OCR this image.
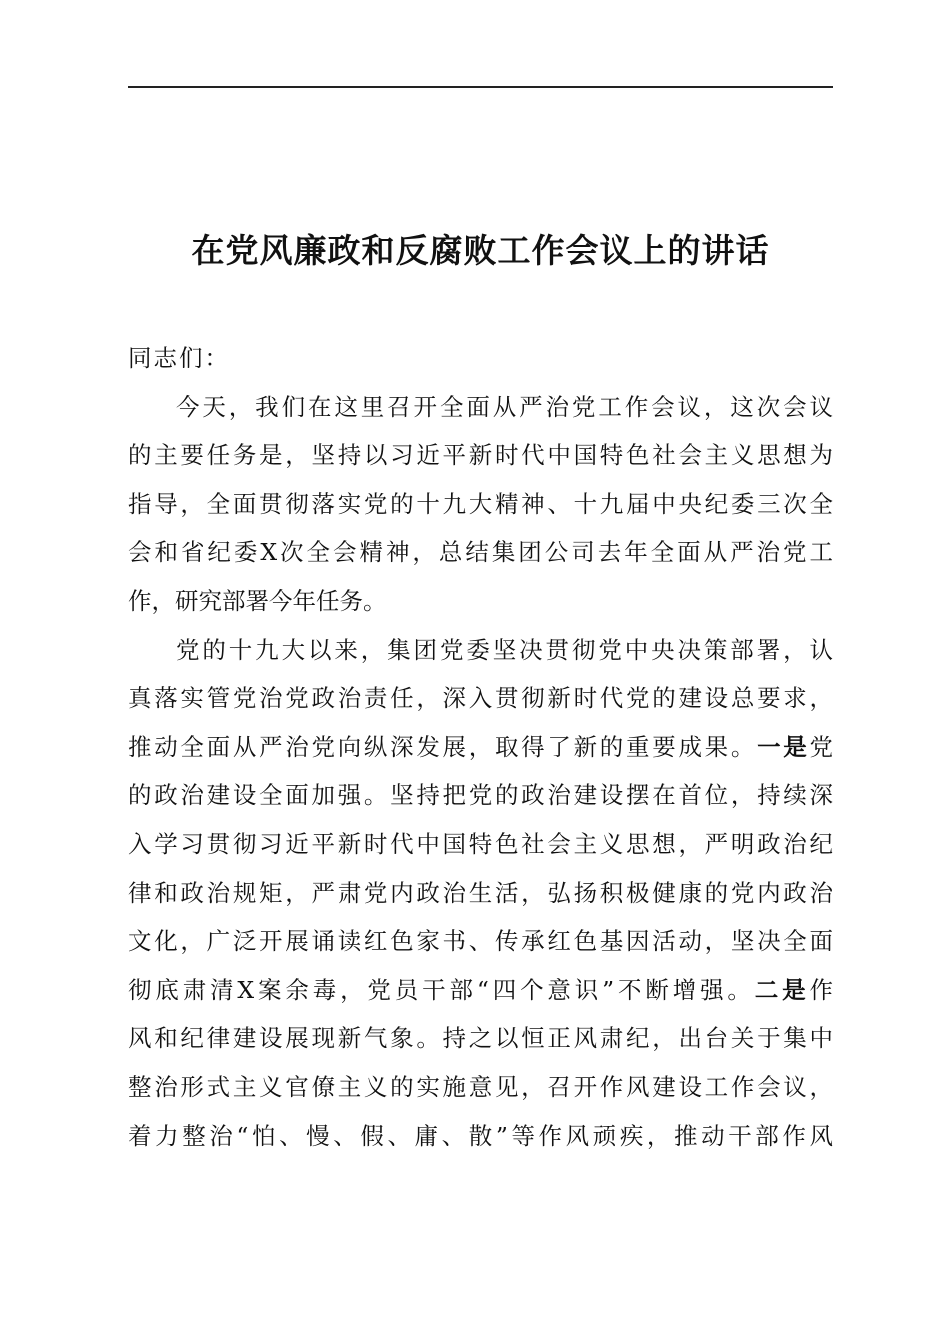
在党风廉政和反腐败工作会议上的讲话
同志们：
今天，我们在这里召开全面从严治党工作会议，这次会议
的主要任务是，坚持以习近平新时代中国特色社会主义思想为
指导，全面贯彻落实党的十九大精神、十九届中央纪委三次全
会和省纪委X次全会精神，总结集团公司去年全面从严治党工
作，研究部署今年任务。
党的十九大以来，集团党委坚决贯彻党中央决策部署，认
真落实管党治党政治责任，深入贯彻新时代党的建设总要求，
推动全面从严治党向纵深发展，取得了新的重要成果。一是党
的政治建设全面加强。坚持把党的政治建设摆在首位，持续深
入学习贯彻习近平新时代中国特色社会主义思想，严明政治纪
律和政治规矩，严肃党内政治生活，弘扬积极健康的党内政治
文化，广泛开展诵读红色家书、传承红色基因活动，坚决全面
彻底肃清X案余毒，党员干部“四个意识”不断增强。二是作
风和纪律建设展现新气象。持之以恒正风肃纪，出台关于集中
整治形式主义官僚主义的实施意见，召开作风建设工作会议，
着力整治“怕、慢、假、庸、散”等作风顽疾，推动干部作风
